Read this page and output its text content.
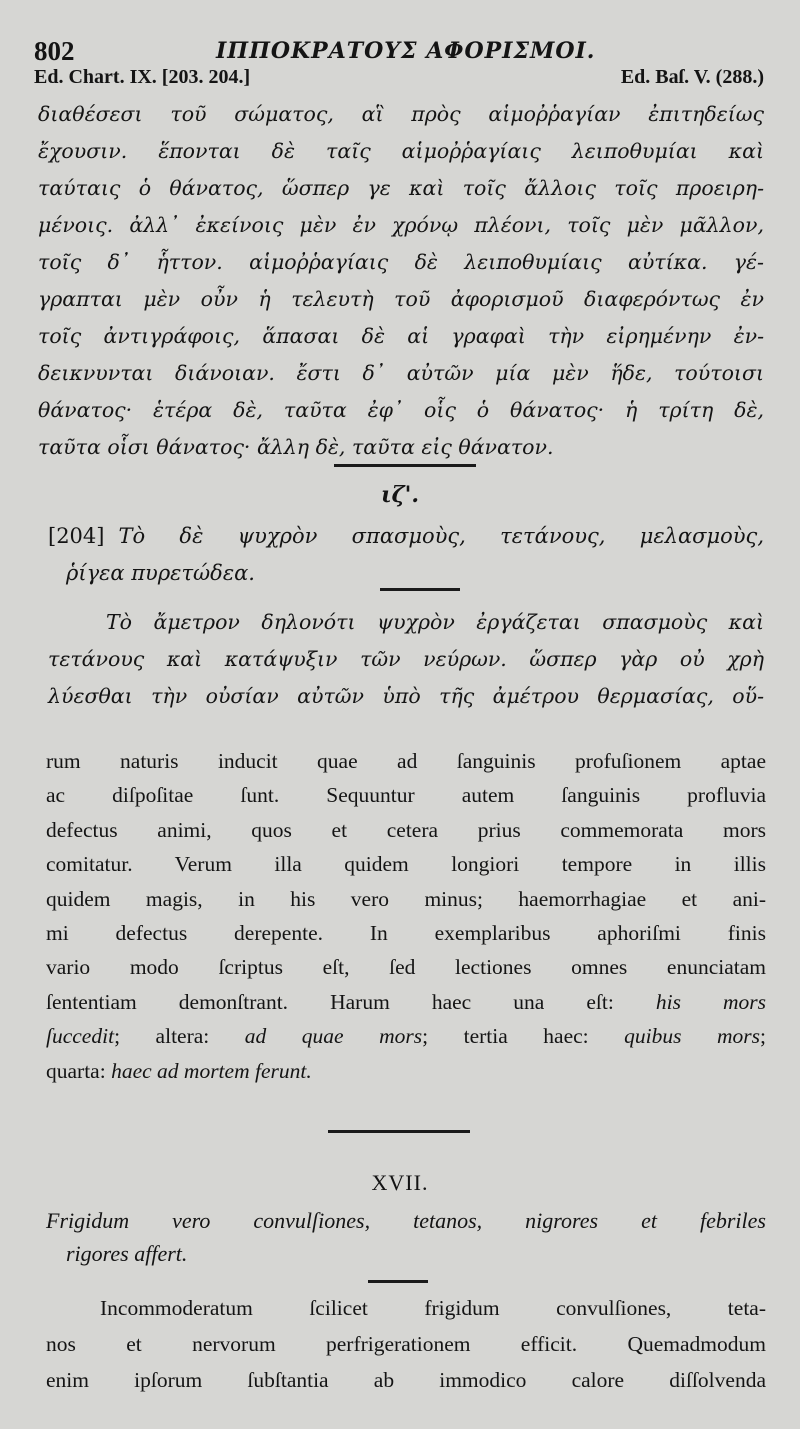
802	ΙΠΠΟΚΡΑΤΟΥΣ ΑΦΟΡΙΣΜΟΙ.
Ed. Chart. IX. [203. 204.]	Ed. Baſ. V. (288.)
διαθέσεσι τοῦ σώματος, αἳ πρὸς αἱμοῤῥαγίαν ἐπιτηδείως
ἔχουσιν. ἕπονται δὲ ταῖς αἱμοῤῥαγίαις λειποθυμίαι καὶ
ταύταις ὁ θάνατος, ὥσπερ γε καὶ τοῖς ἄλλοις τοῖς προειρη-
μένοις. ἀλλ᾽ ἐκείνοις μὲν ἐν χρόνῳ πλέονι, τοῖς μὲν μᾶλλον,
τοῖς δ᾽ ἧττον. αἱμοῤῥαγίαις δὲ λειποθυμίαις αὐτίκα. γέ-
γραπται μὲν οὖν ἡ τελευτὴ τοῦ ἀφορισμοῦ διαφερόντως ἐν
τοῖς ἀντιγράφοις, ἅπασαι δὲ αἱ γραφαὶ τὴν εἰρημένην ἐν-
δεικνυνται διάνοιαν. ἔστι δ᾽ αὐτῶν μία μὲν ἥδε, τούτοισι
θάνατος· ἑτέρα δὲ, ταῦτα ἐφ᾽ οἷς ὁ θάνατος· ἡ τρίτη δὲ,
ταῦτα οἷσι θάνατος· ἄλλη δὲ, ταῦτα εἰς θάνατον.
ιζ'.
[204] Τὸ δὲ ψυχρὸν σπασμοὺς, τετάνους, μελασμοὺς,
ῥίγεα πυρετώδεα.
Τὸ ἄμετρον δηλονότι ψυχρὸν ἐργάζεται σπασμοὺς καὶ
τετάνους καὶ κατάψυξιν τῶν νεύρων. ὥσπερ γὰρ οὐ χρὴ
λύεσθαι τὴν οὐσίαν αὐτῶν ὑπὸ τῆς ἀμέτρου θερμασίας, οὕ-
rum naturis inducit quae ad ſanguinis profuſionem aptae
ac diſpoſitae ſunt. Sequuntur autem ſanguinis profluvia
defectus animi, quos et cetera prius commemorata mors
comitatur. Verum illa quidem longiori tempore in illis
quidem magis, in his vero minus; haemorrhagiae et ani-
mi defectus derepente. In exemplaribus aphoriſmi finis
vario modo ſcriptus eſt, ſed lectiones omnes enunciatam
ſententiam demonſtrant. Harum haec una eſt: his mors
ſuccedit; altera: ad quae mors; tertia haec: quibus mors;
quarta: haec ad mortem ferunt.
XVII.
Frigidum vero convulſiones, tetanos, nigrores et febriles
rigores affert.
Incommoderatum ſcilicet frigidum convulſiones, teta-
nos et nervorum perfrigerationem efficit. Quemadmodum
enim ipſorum ſubſtantia ab immodico calore diſſolvenda
